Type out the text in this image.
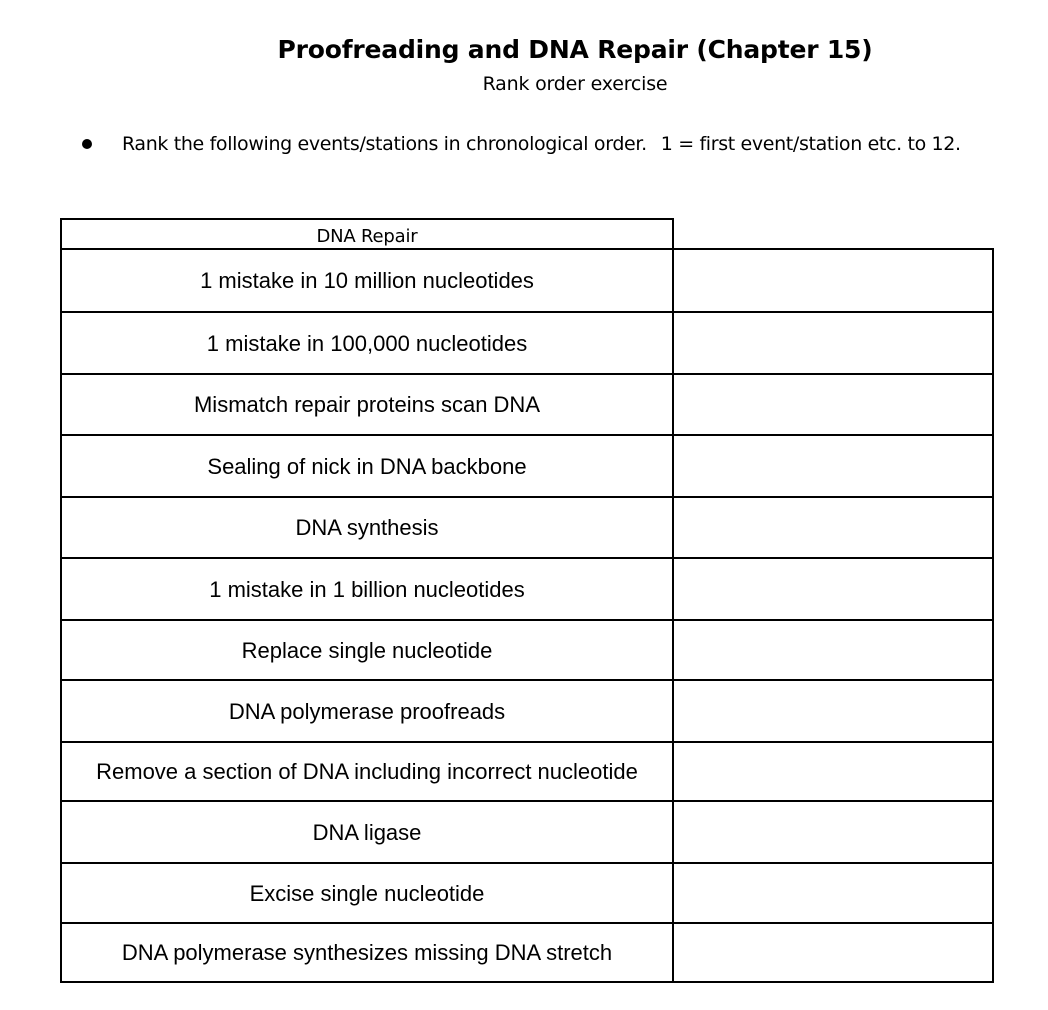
Proofreading and DNA Repair (Chapter 15)

Rank order exercise

Rank the following events/stations in chronological order. 1 = first event/station etc. to 12.
DNA Repair
1 mistake in 10 million nucleotides
1 mistake in 100,000 nucleotides
Mismatch repair proteins scan DNA
Sealing of nick in DNA backbone
DNA synthesis
1 mistake in 1 billion nucleotides
Replace single nucleotide
DNA polymerase proofreads
Remove a section of DNA including incorrect nucleotide
DNA ligase
Excise single nucleotide
DNA polymerase synthesizes missing DNA stretch
